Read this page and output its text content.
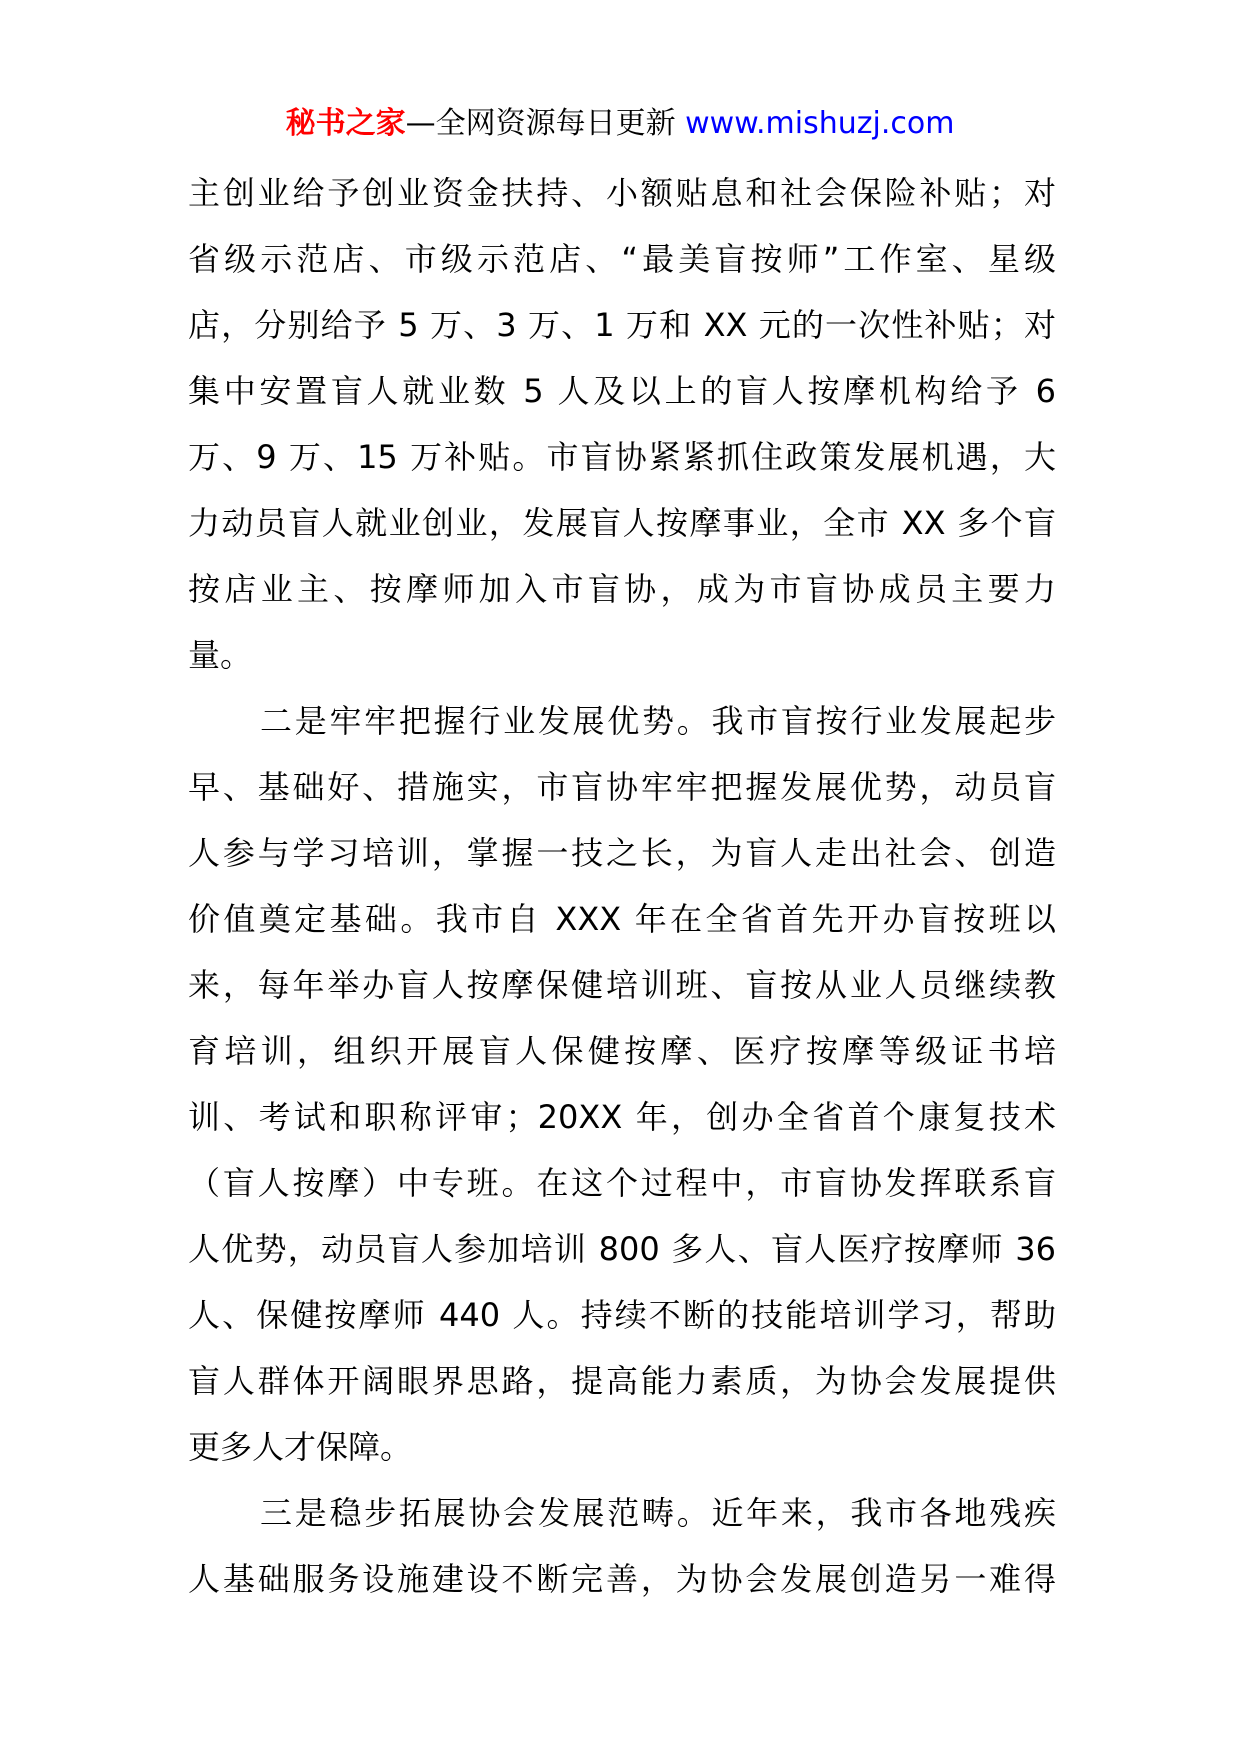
秘书之家—全网资源每日更新 www.mishuzj.com
主创业给予创业资金扶持、小额贴息和社会保险补贴；对
省级示范店、市级示范店、“最美盲按师”工作室、星级
店，分别给予 5 万、3 万、1 万和 XX 元的一次性补贴；对
集中安置盲人就业数 5 人及以上的盲人按摩机构给予 6
万、9 万、15 万补贴。市盲协紧紧抓住政策发展机遇，大
力动员盲人就业创业，发展盲人按摩事业，全市 XX 多个盲
按店业主、按摩师加入市盲协，成为市盲协成员主要力
量。
二是牢牢把握行业发展优势。我市盲按行业发展起步
早、基础好、措施实，市盲协牢牢把握发展优势，动员盲
人参与学习培训，掌握一技之长，为盲人走出社会、创造
价值奠定基础。我市自 XXX 年在全省首先开办盲按班以
来，每年举办盲人按摩保健培训班、盲按从业人员继续教
育培训，组织开展盲人保健按摩、医疗按摩等级证书培
训、考试和职称评审；20XX 年，创办全省首个康复技术
（盲人按摩）中专班。在这个过程中，市盲协发挥联系盲
人优势，动员盲人参加培训 800 多人、盲人医疗按摩师 36
人、保健按摩师 440 人。持续不断的技能培训学习，帮助
盲人群体开阔眼界思路，提高能力素质，为协会发展提供
更多人才保障。
三是稳步拓展协会发展范畴。近年来，我市各地残疾
人基础服务设施建设不断完善，为协会发展创造另一难得
